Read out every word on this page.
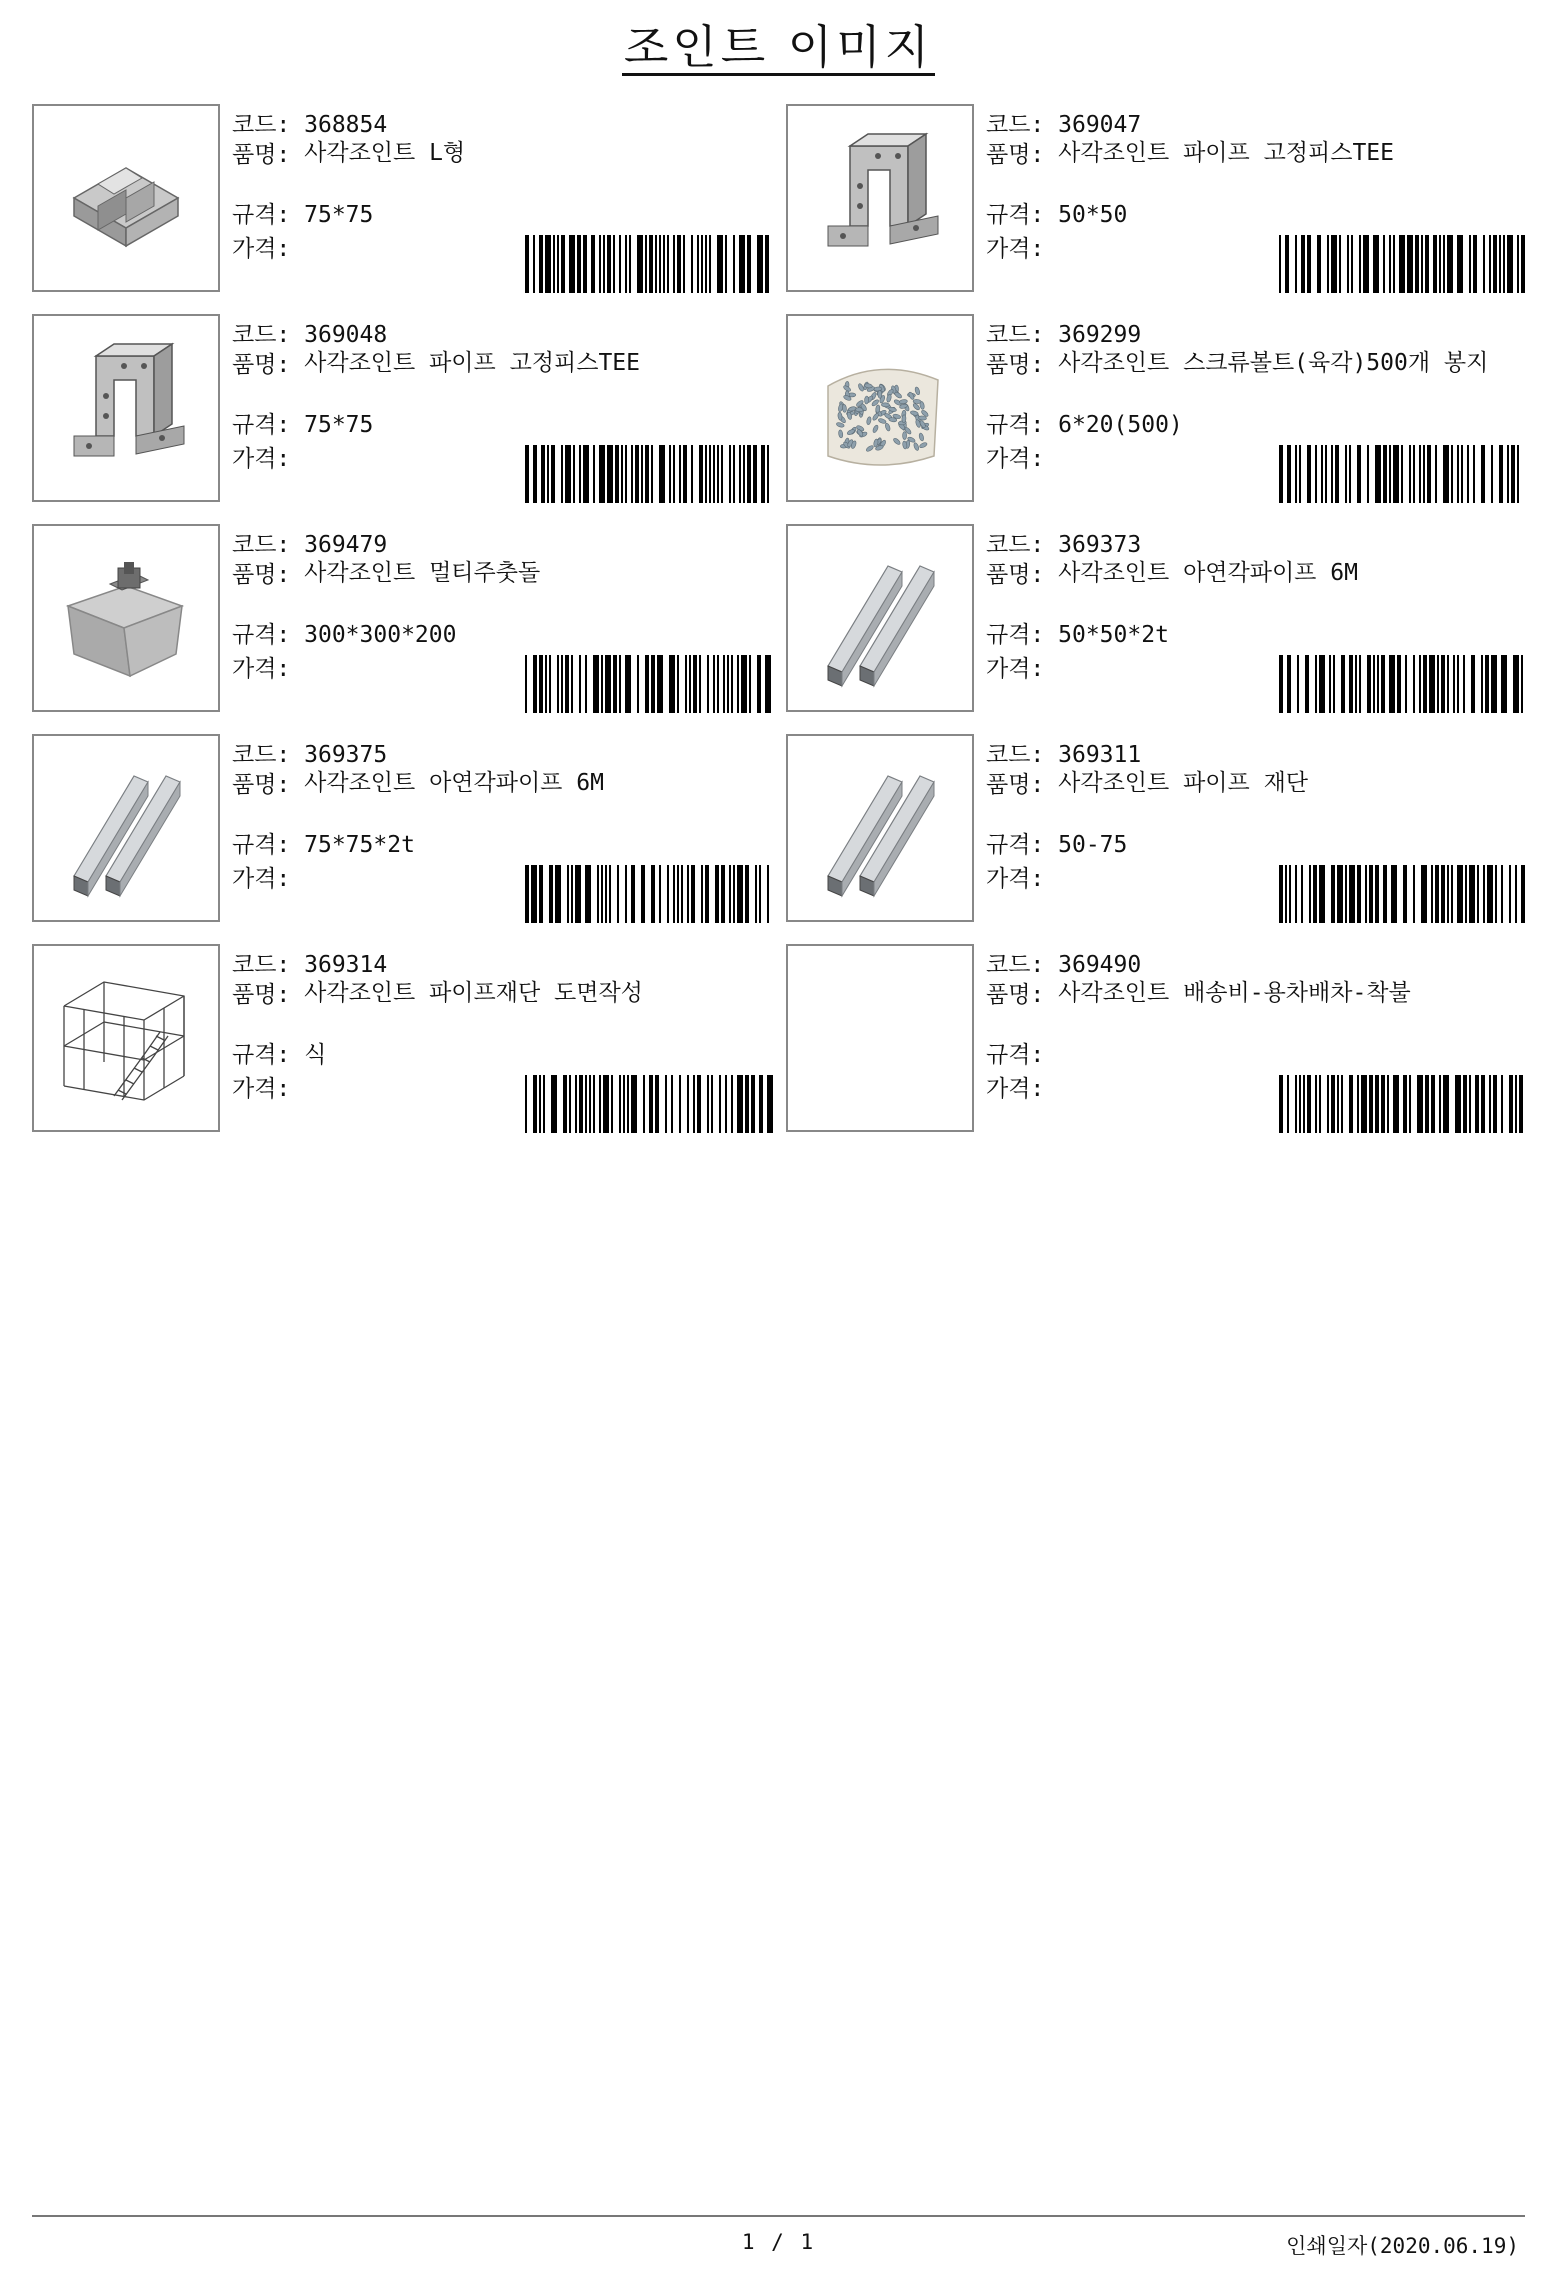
조인트 이미지
코드: 368854
품명: 사각조인트 L형
규격: 75*75
가격:
코드: 369047
품명: 사각조인트 파이프 고정피스TEE
규격: 50*50
가격:
코드: 369048
품명: 사각조인트 파이프 고정피스TEE
규격: 75*75
가격:
코드: 369299
품명: 사각조인트 스크류볼트(육각)500개 봉지
규격: 6*20(500)
가격:
코드: 369479
품명: 사각조인트 멀티주춧돌
규격: 300*300*200
가격:
코드: 369373
품명: 사각조인트 아연각파이프 6M
규격: 50*50*2t
가격:
코드: 369375
품명: 사각조인트 아연각파이프 6M
규격: 75*75*2t
가격:
코드: 369311
품명: 사각조인트 파이프 재단
규격: 50-75
가격:
코드: 369314
품명: 사각조인트 파이프재단 도면작성
규격: 식
가격:
코드: 369490
품명: 사각조인트 배송비-용차배차-착불
규격:
가격:
1 / 1	인쇄일자(2020.06.19)
